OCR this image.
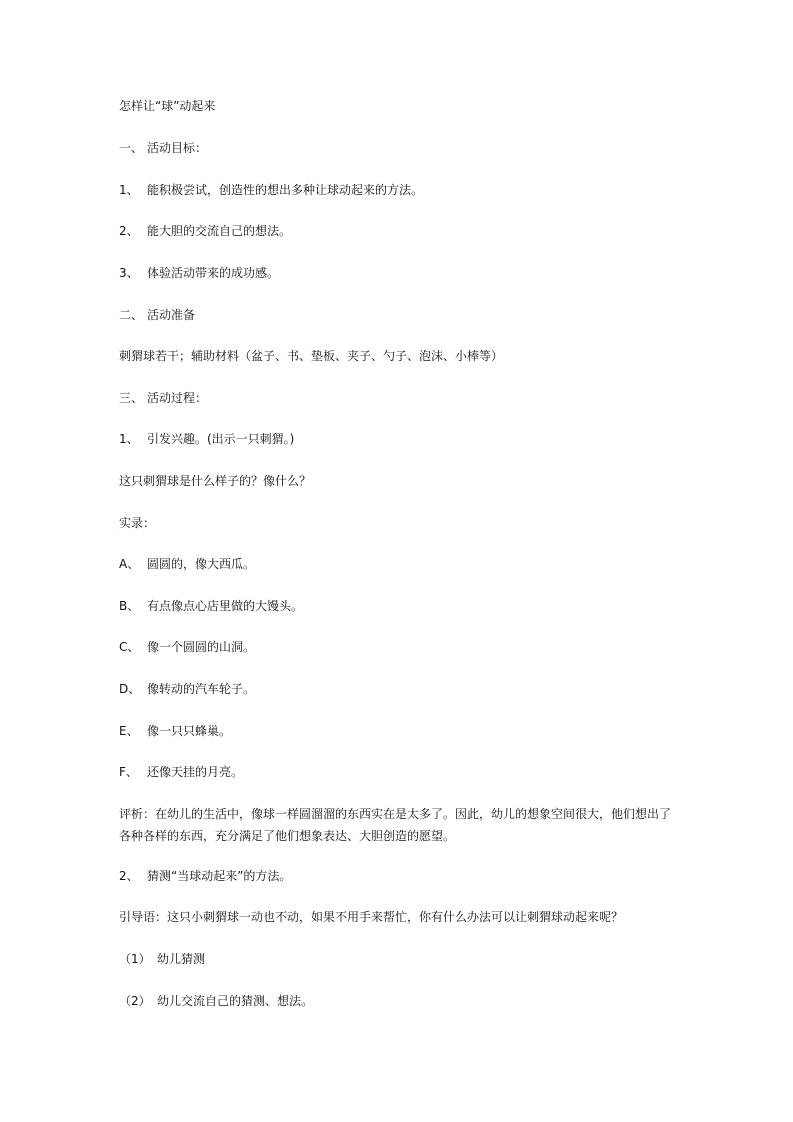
怎样让“球”动起来
一、 活动目标：
1、 能积极尝试，创造性的想出多种让球动起来的方法。
2、 能大胆的交流自己的想法。
3、 体验活动带来的成功感。
二、 活动准备
刺猬球若干；辅助材料（盆子、书、垫板、夹子、勺子、泡沫、小棒等）
三、 活动过程：
1、 引发兴趣。(出示一只刺猬。)
这只刺猬球是什么样子的？像什么？
实录：
A、 圆圆的，像大西瓜。
B、 有点像点心店里做的大馒头。
C、 像一个圆圆的山洞。
D、 像转动的汽车轮子。
E、 像一只只蜂巢。
F、 还像天挂的月亮。
评析：在幼儿的生活中，像球一样圆溜溜的东西实在是太多了。因此，幼儿的想象空间很大，他们想出了
各种各样的东西，充分满足了他们想象表达、大胆创造的愿望。
2、 猜测“当球动起来”的方法。
引导语：这只小刺猬球一动也不动，如果不用手来帮忙，你有什么办法可以让刺猬球动起来呢？
（1） 幼儿猜测
（2） 幼儿交流自己的猜测、想法。
